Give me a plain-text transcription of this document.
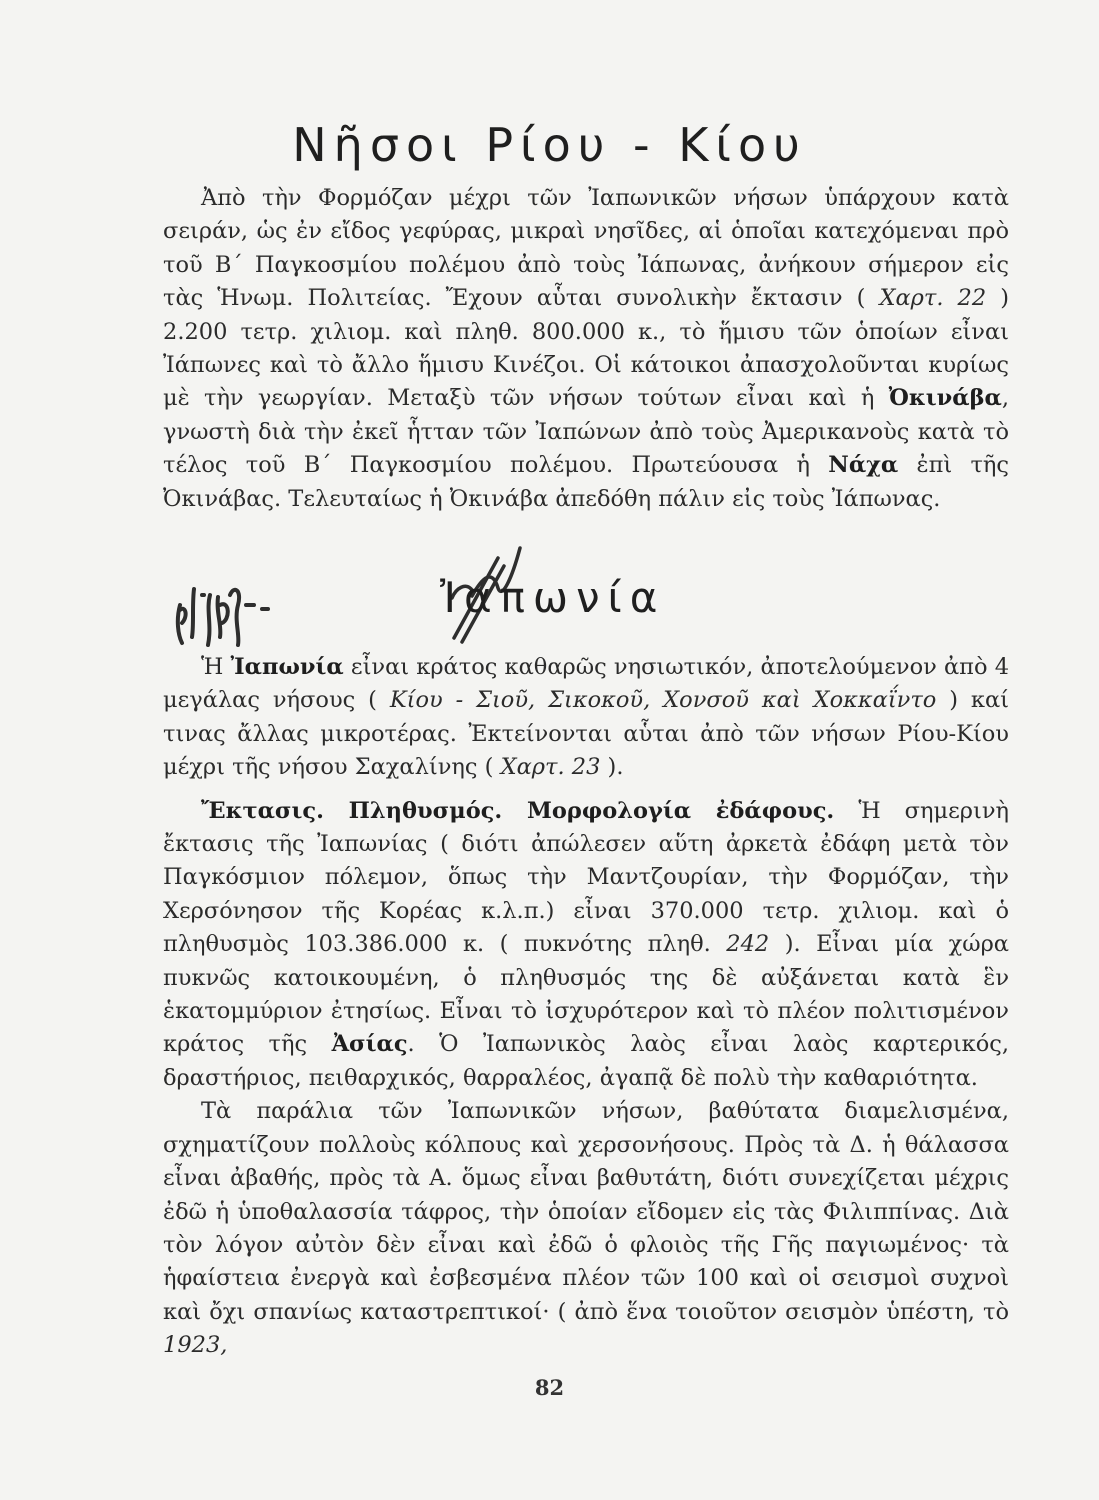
Νῆσοι Ρίου - Κίου

Ἀπὸ τὴν Φορμόζαν μέχρι τῶν Ἰαπωνικῶν νήσων ὑπάρχουν κατὰ σειράν, ὡς ἐν εἴδος γεφύρας, μικραὶ νησῖδες, αἱ ὁποῖαι κατεχόμεναι πρὸ τοῦ Β΄ Παγκοσμίου πολέμου ἀπὸ τοὺς Ἰάπωνας, ἀνήκουν σήμερον εἰς τὰς Ἡνωμ. Πολιτείας. Ἔχουν αὗται συνολικὴν ἔκτασιν ( Χαρτ. 22 ) 2.200 τετρ. χιλιομ. καὶ πληθ. 800.000 κ., τὸ ἥμισυ τῶν ὁποίων εἶναι Ἰάπωνες καὶ τὸ ἄλλο ἥμισυ Κινέζοι. Οἱ κάτοικοι ἀπασχολοῦνται κυρίως μὲ τὴν γεωργίαν. Μεταξὺ τῶν νήσων τούτων εἶναι καὶ ἡ Ὀκινάβα, γνωστὴ διὰ τὴν ἐκεῖ ἧτταν τῶν Ἰαπώνων ἀπὸ τοὺς Ἀμερικανοὺς κατὰ τὸ τέλος τοῦ Β΄ Παγκοσμίου πολέμου. Πρωτεύουσα ἡ Νάχα ἐπὶ τῆς Ὀκινάβας. Τελευταίως ἡ Ὀκινάβα ἀπεδόθη πάλιν εἰς τοὺς Ἰάπωνας.

Ἰαπωνία

Ἡ Ἰαπωνία εἶναι κράτος καθαρῶς νησιωτικόν, ἀποτελούμενον ἀπὸ 4 μεγάλας νήσους ( Κίου - Σιοῦ, Σικοκοῦ, Χονσοῦ καὶ Χοκκαΐντο ) καί τινας ἄλλας μικροτέρας. Ἐκτείνονται αὗται ἀπὸ τῶν νήσων Ρίου-Κίου μέχρι τῆς νήσου Σαχαλίνης ( Χαρτ. 23 ).

Ἔκτασις. Πληθυσμός. Μορφολογία ἐδάφους. Ἡ σημερινὴ ἔκτασις τῆς Ἰαπωνίας ( διότι ἀπώλεσεν αὕτη ἀρκετὰ ἐδάφη μετὰ τὸν Παγκόσμιον πόλεμον, ὅπως τὴν Μαντζουρίαν, τὴν Φορμόζαν, τὴν Χερσόνησον τῆς Κορέας κ.λ.π.) εἶναι 370.000 τετρ. χιλιομ. καὶ ὁ πληθυσμὸς 103.386.000 κ. ( πυκνότης πληθ. 242 ). Εἶναι μία χώρα πυκνῶς κατοικουμένη, ὁ πληθυσμός της δὲ αὐξάνεται κατὰ ἓν ἑκατομμύριον ἐτησίως. Εἶναι τὸ ἰσχυρότερον καὶ τὸ πλέον πολιτισμένον κράτος τῆς Ἀσίας. Ὁ Ἰαπωνικὸς λαὸς εἶναι λαὸς καρτερικός, δραστήριος, πειθαρχικός, θαρραλέος, ἀγαπᾷ δὲ πολὺ τὴν καθαριότητα.

Τὰ παράλια τῶν Ἰαπωνικῶν νήσων, βαθύτατα διαμελισμένα, σχηματίζουν πολλοὺς κόλπους καὶ χερσονήσους. Πρὸς τὰ Δ. ἡ θάλασσα εἶναι ἀβαθής, πρὸς τὰ Α. ὅμως εἶναι βαθυτάτη, διότι συνεχίζεται μέχρις ἐδῶ ἡ ὑποθαλασσία τάφρος, τὴν ὁποίαν εἴδομεν εἰς τὰς Φιλιππίνας. Διὰ τὸν λόγον αὐτὸν δὲν εἶναι καὶ ἐδῶ ὁ φλοιὸς τῆς Γῆς παγιωμένος· τὰ ἡφαίστεια ἐνεργὰ καὶ ἐσβεσμένα πλέον τῶν 100 καὶ οἱ σεισμοὶ συχνοὶ καὶ ὄχι σπανίως καταστρεπτικοί· ( ἀπὸ ἕνα τοιοῦτον σεισμὸν ὑπέστη, τὸ 1923,

82
